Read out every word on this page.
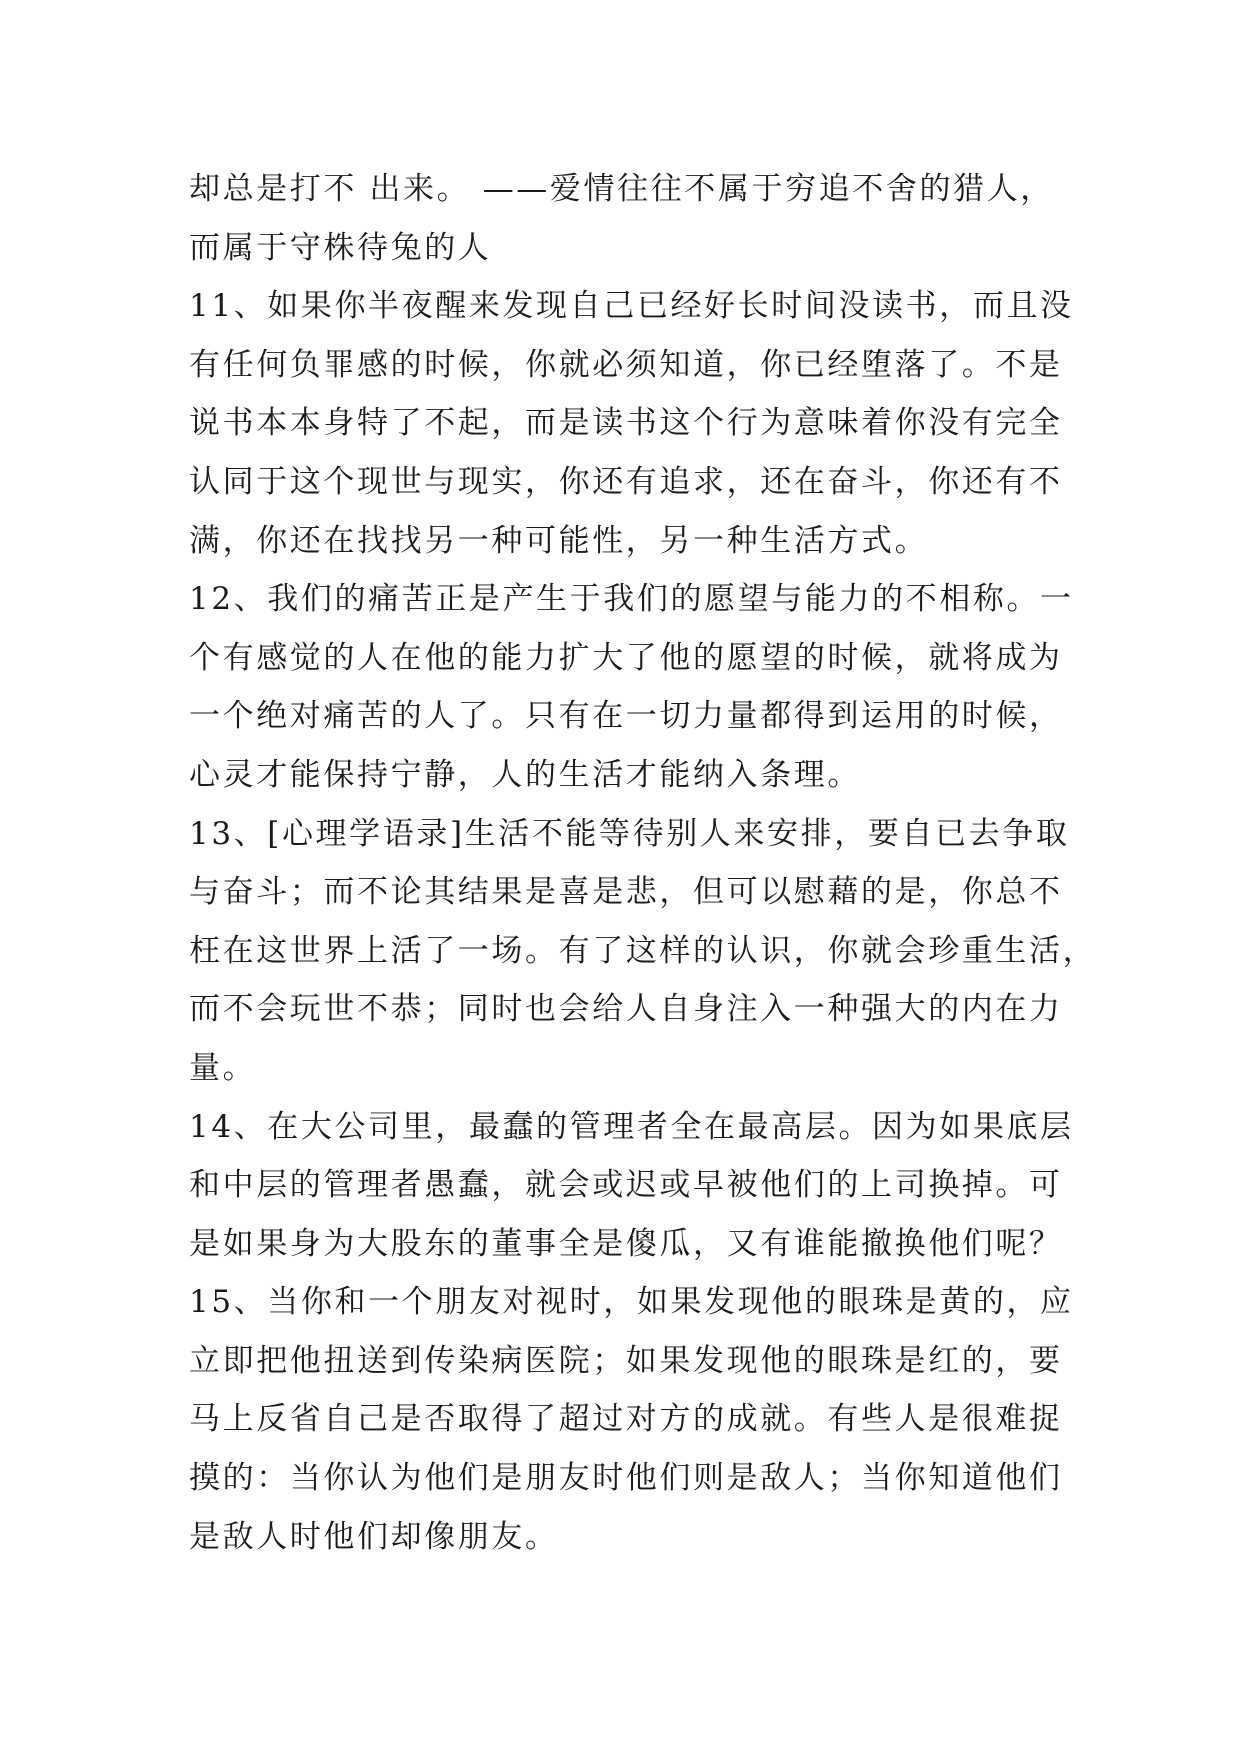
却总是打不 出来。 ——爱情往往不属于穷追不舍的猎人，
而属于守株待兔的人
11、如果你半夜醒来发现自己已经好长时间没读书，而且没
有任何负罪感的时候，你就必须知道，你已经堕落了。不是
说书本本身特了不起，而是读书这个行为意味着你没有完全
认同于这个现世与现实，你还有追求，还在奋斗，你还有不
满，你还在找找另一种可能性，另一种生活方式。
12、我们的痛苦正是产生于我们的愿望与能力的不相称。一
个有感觉的人在他的能力扩大了他的愿望的时候，就将成为
一个绝对痛苦的人了。只有在一切力量都得到运用的时候，
心灵才能保持宁静，人的生活才能纳入条理。
13、[心理学语录]生活不能等待别人来安排，要自已去争取
与奋斗；而不论其结果是喜是悲，但可以慰藉的是，你总不
枉在这世界上活了一场。有了这样的认识，你就会珍重生活，
而不会玩世不恭；同时也会给人自身注入一种强大的内在力
量。
14、在大公司里，最蠢的管理者全在最高层。因为如果底层
和中层的管理者愚蠢，就会或迟或早被他们的上司换掉。可
是如果身为大股东的董事全是傻瓜，又有谁能撤换他们呢？
15、当你和一个朋友对视时，如果发现他的眼珠是黄的，应
立即把他扭送到传染病医院；如果发现他的眼珠是红的，要
马上反省自己是否取得了超过对方的成就。有些人是很难捉
摸的：当你认为他们是朋友时他们则是敌人；当你知道他们
是敌人时他们却像朋友。
